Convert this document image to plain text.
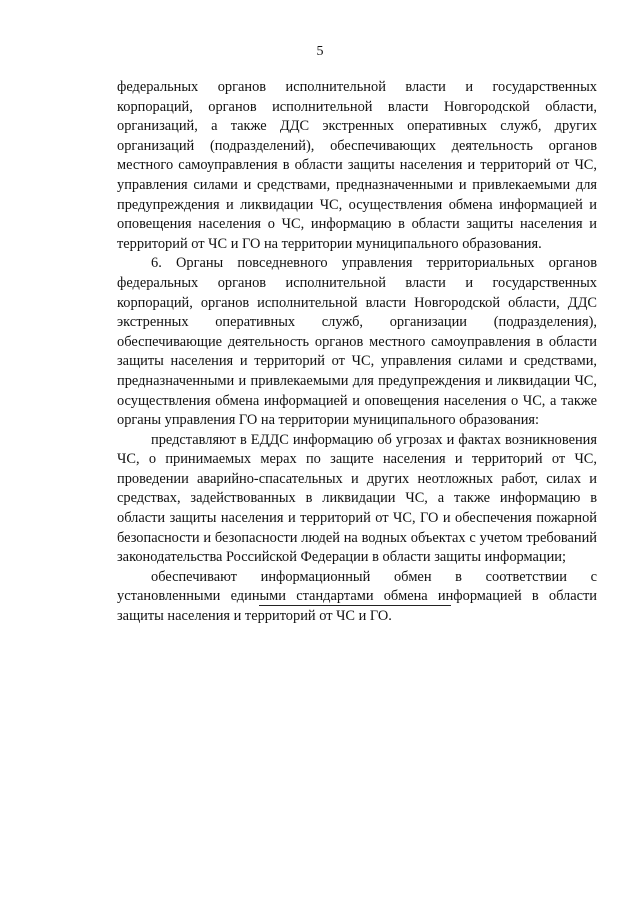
5

федеральных органов исполнительной власти и государственных корпораций, органов исполнительной власти Новгородской области, организаций, а также ДДС экстренных оперативных служб, других организаций (подразделений), обеспечивающих деятельность органов местного самоуправления в области защиты населения и территорий от ЧС, управления силами и средствами, предназначенными и привлекаемыми для предупреждения и ликвидации ЧС, осуществления обмена информацией и оповещения населения о ЧС, информацию в области защиты населения и территорий от ЧС и ГО на территории муниципального образования.

6. Органы повседневного управления территориальных органов федеральных органов исполнительной власти и государственных корпораций, органов исполнительной власти Новгородской области, ДДС экстренных оперативных служб, организации (подразделения), обеспечивающие деятельность органов местного самоуправления в области защиты населения и территорий от ЧС, управления силами и средствами, предназначенными и привлекаемыми для предупреждения и ликвидации ЧС, осуществления обмена информацией и оповещения населения о ЧС, а также органы управления ГО на территории муниципального образования:

представляют в ЕДДС информацию об угрозах и фактах возникновения ЧС, о принимаемых мерах по защите населения и территорий от ЧС, проведении аварийно-спасательных и других неотложных работ, силах и средствах, задействованных в ликвидации ЧС, а также информацию в области защиты населения и территорий от ЧС, ГО и обеспечения пожарной безопасности и безопасности людей на водных объектах с учетом требований законодательства Российской Федерации в области защиты информации;

обеспечивают информационный обмен в соответствии с установленными едиными стандартами обмена информацией в области защиты населения и территорий от ЧС и ГО.
